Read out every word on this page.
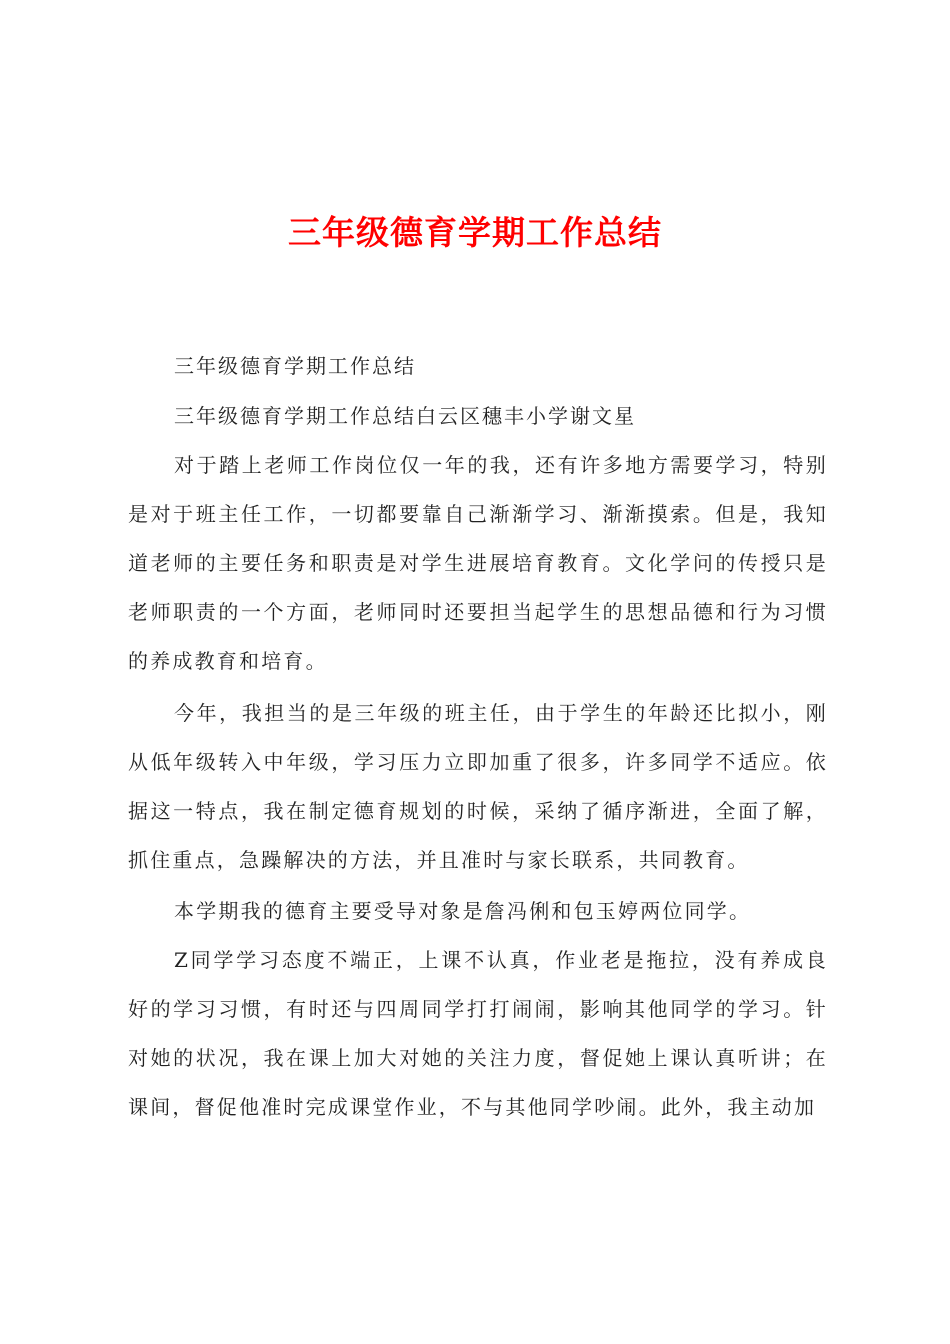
三年级德育学期工作总结

三年级德育学期工作总结

三年级德育学期工作总结白云区穗丰小学谢文星

对于踏上老师工作岗位仅一年的我，还有许多地方需要学习，特别是对于班主任工作，一切都要靠自己渐渐学习、渐渐摸索。但是，我知道老师的主要任务和职责是对学生进展培育教育。文化学问的传授只是老师职责的一个方面，老师同时还要担当起学生的思想品德和行为习惯的养成教育和培育。

今年，我担当的是三年级的班主任，由于学生的年龄还比拟小，刚从低年级转入中年级，学习压力立即加重了很多，许多同学不适应。依据这一特点，我在制定德育规划的时候，采纳了循序渐进，全面了解，抓住重点，急躁解决的方法，并且准时与家长联系，共同教育。

本学期我的德育主要受导对象是詹冯俐和包玉婷两位同学。

Z同学学习态度不端正，上课不认真，作业老是拖拉，没有养成良好的学习习惯，有时还与四周同学打打闹闹，影响其他同学的学习。针对她的状况，我在课上加大对她的关注力度，督促她上课认真听讲；在课间，督促他准时完成课堂作业，不与其他同学吵闹。此外，我主动加
